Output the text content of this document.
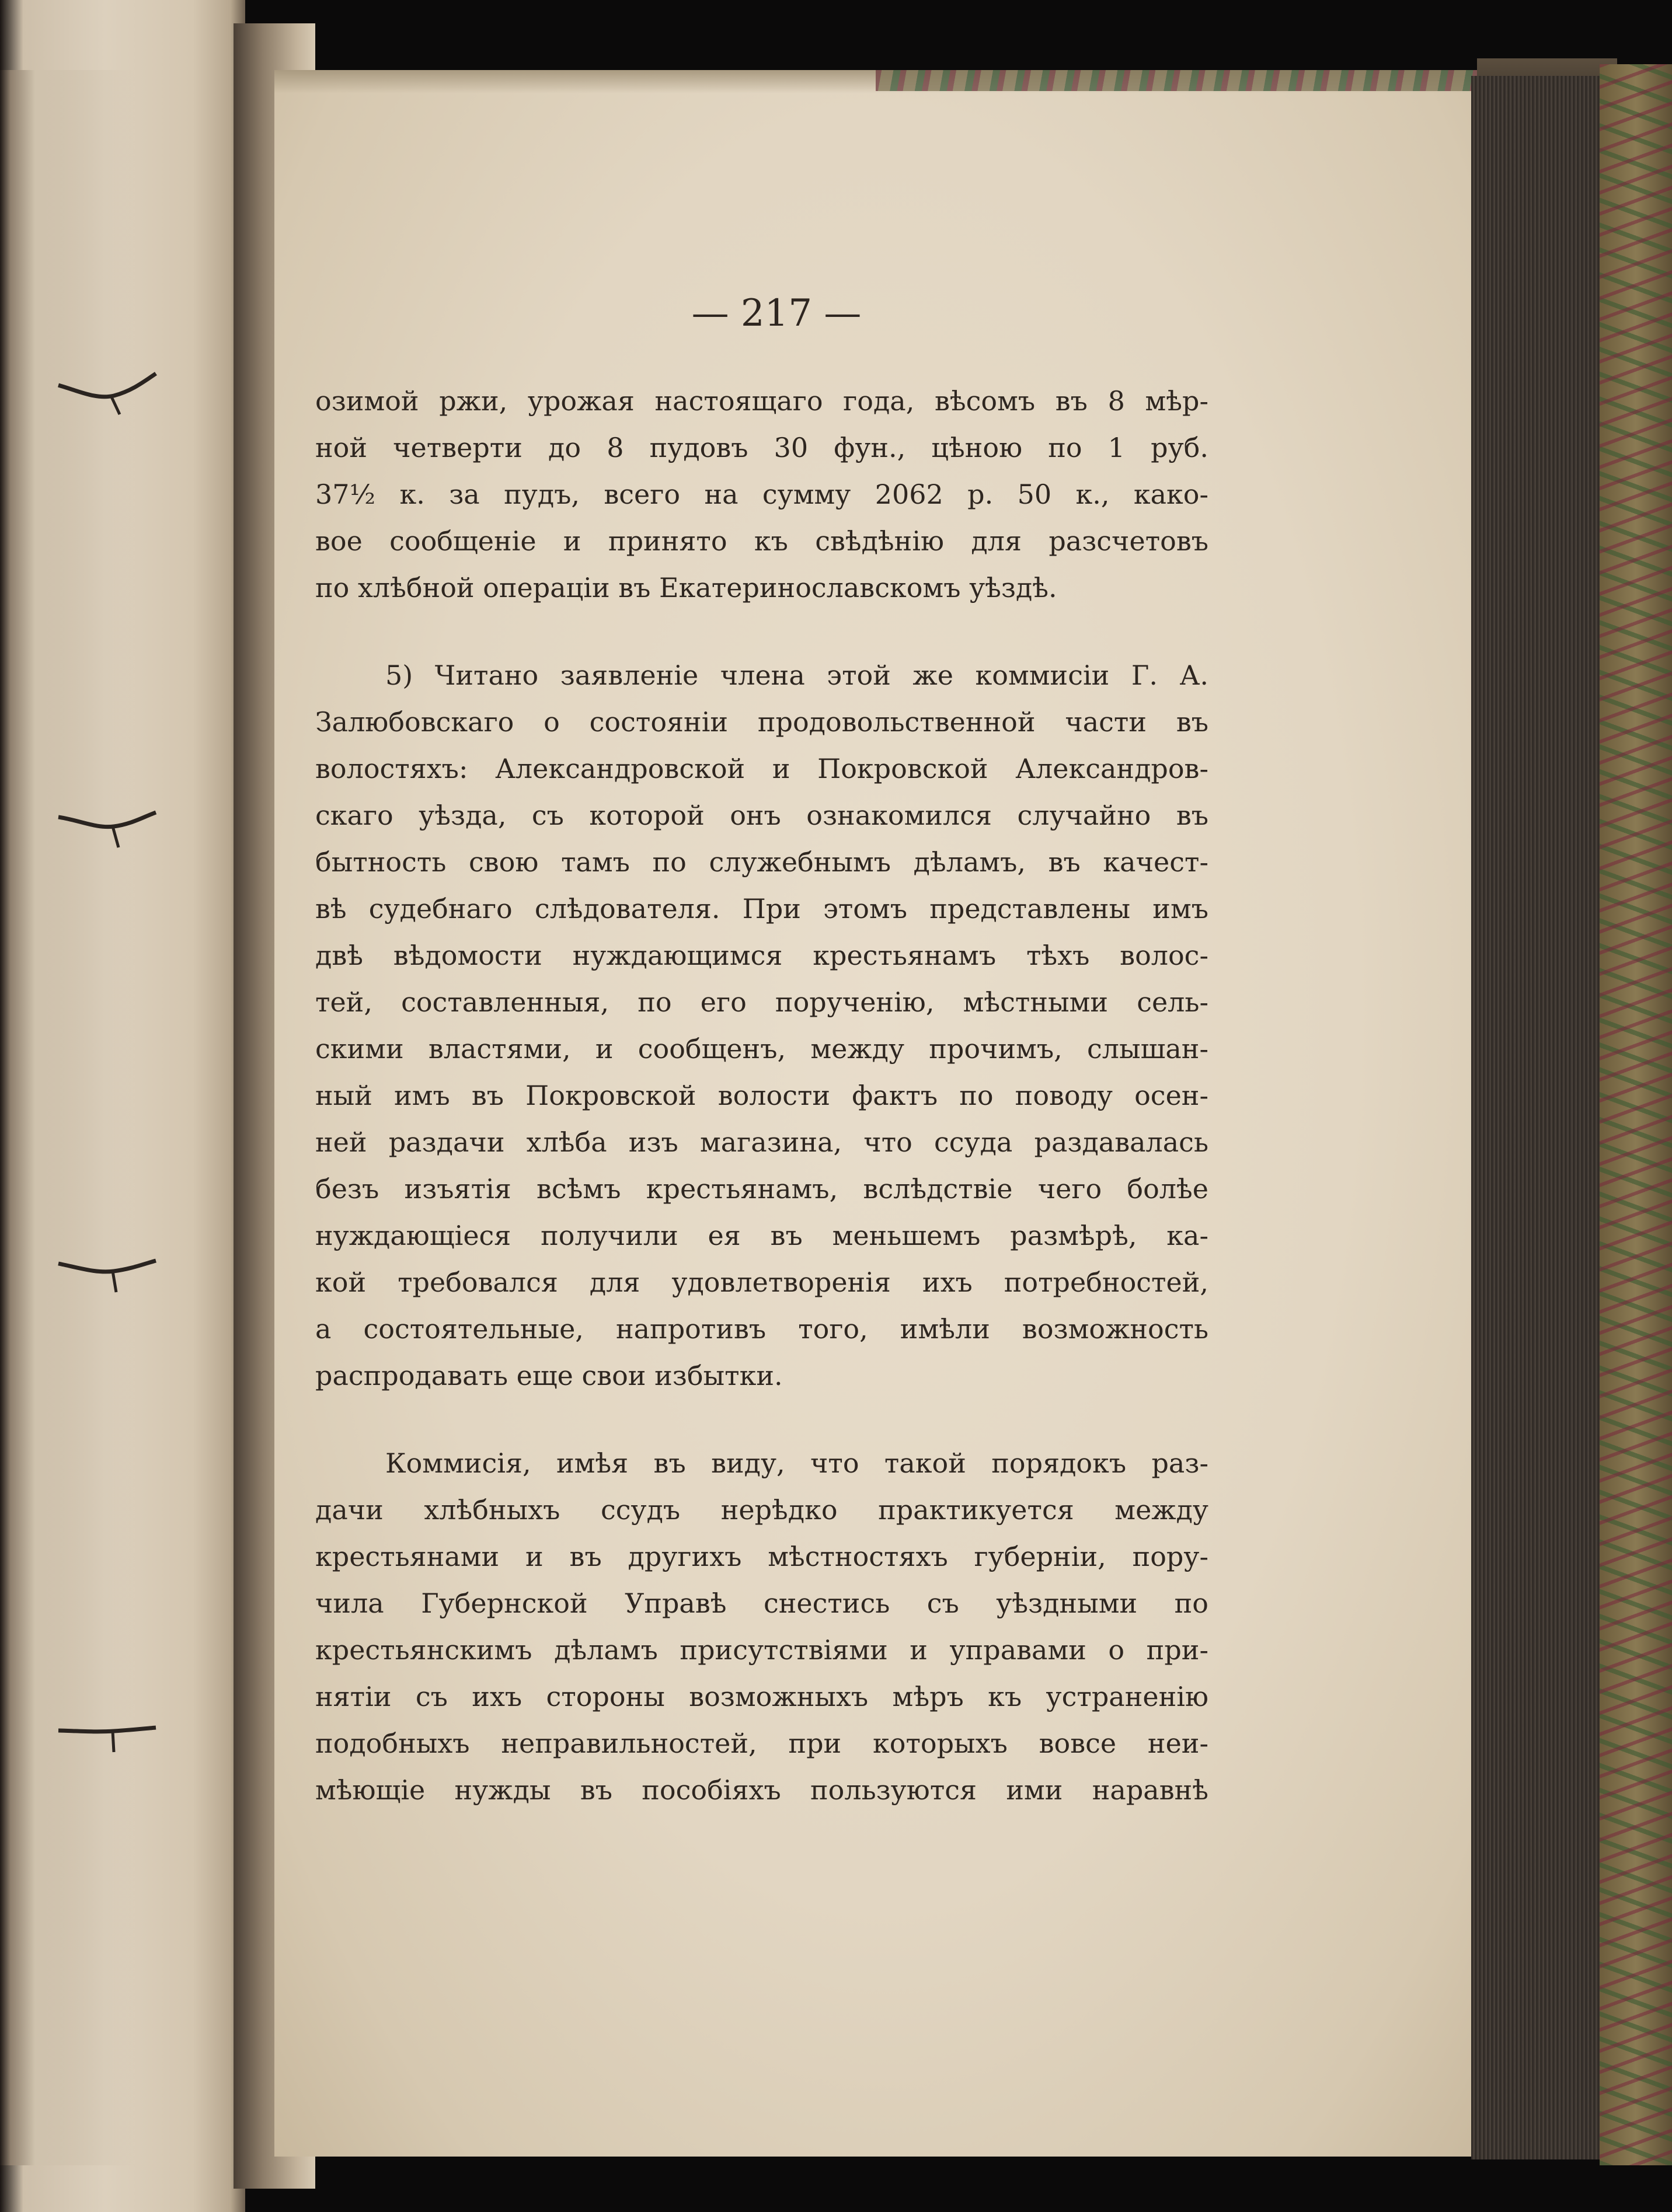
— 217 —
озимой ржи, урожая настоящаго года, вѣсомъ въ 8 мѣр-
ной четверти до 8 пудовъ 30 фун., цѣною по 1 руб.
37½ к. за пудъ, всего на сумму 2062 р. 50 к., како-
вое сообщеніе и принято къ свѣдѣнію для разсчетовъ
по хлѣбной операціи въ Екатеринославскомъ уѣздѣ.
5) Читано заявленіе члена этой же коммисіи Г. А.
Залюбовскаго о состояніи продовольственной части въ
волостяхъ: Александровской и Покровской Александров-
скаго уѣзда, съ которой онъ ознакомился случайно въ
бытность свою тамъ по служебнымъ дѣламъ, въ качест-
вѣ судебнаго слѣдователя. При этомъ представлены имъ
двѣ вѣдомости нуждающимся крестьянамъ тѣхъ волос-
тей, составленныя, по его порученію, мѣстными сель-
скими властями, и сообщенъ, между прочимъ, слышан-
ный имъ въ Покровской волости фактъ по поводу осен-
ней раздачи хлѣба изъ магазина, что ссуда раздавалась
безъ изъятія всѣмъ крестьянамъ, вслѣдствіе чего болѣе
нуждающіеся получили ея въ меньшемъ размѣрѣ, ка-
кой требовался для удовлетворенія ихъ потребностей,
а состоятельные, напротивъ того, имѣли возможность
распродавать еще свои избытки.
Коммисія, имѣя въ виду, что такой порядокъ раз-
дачи хлѣбныхъ ссудъ нерѣдко практикуется между
крестьянами и въ другихъ мѣстностяхъ губерніи, пору-
чила Губернской Управѣ снестись съ уѣздными по
крестьянскимъ дѣламъ присутствіями и управами о при-
нятіи съ ихъ стороны возможныхъ мѣръ къ устраненію
подобныхъ неправильностей, при которыхъ вовсе неи-
мѣющіе нужды въ пособіяхъ пользуются ими наравнѣ
